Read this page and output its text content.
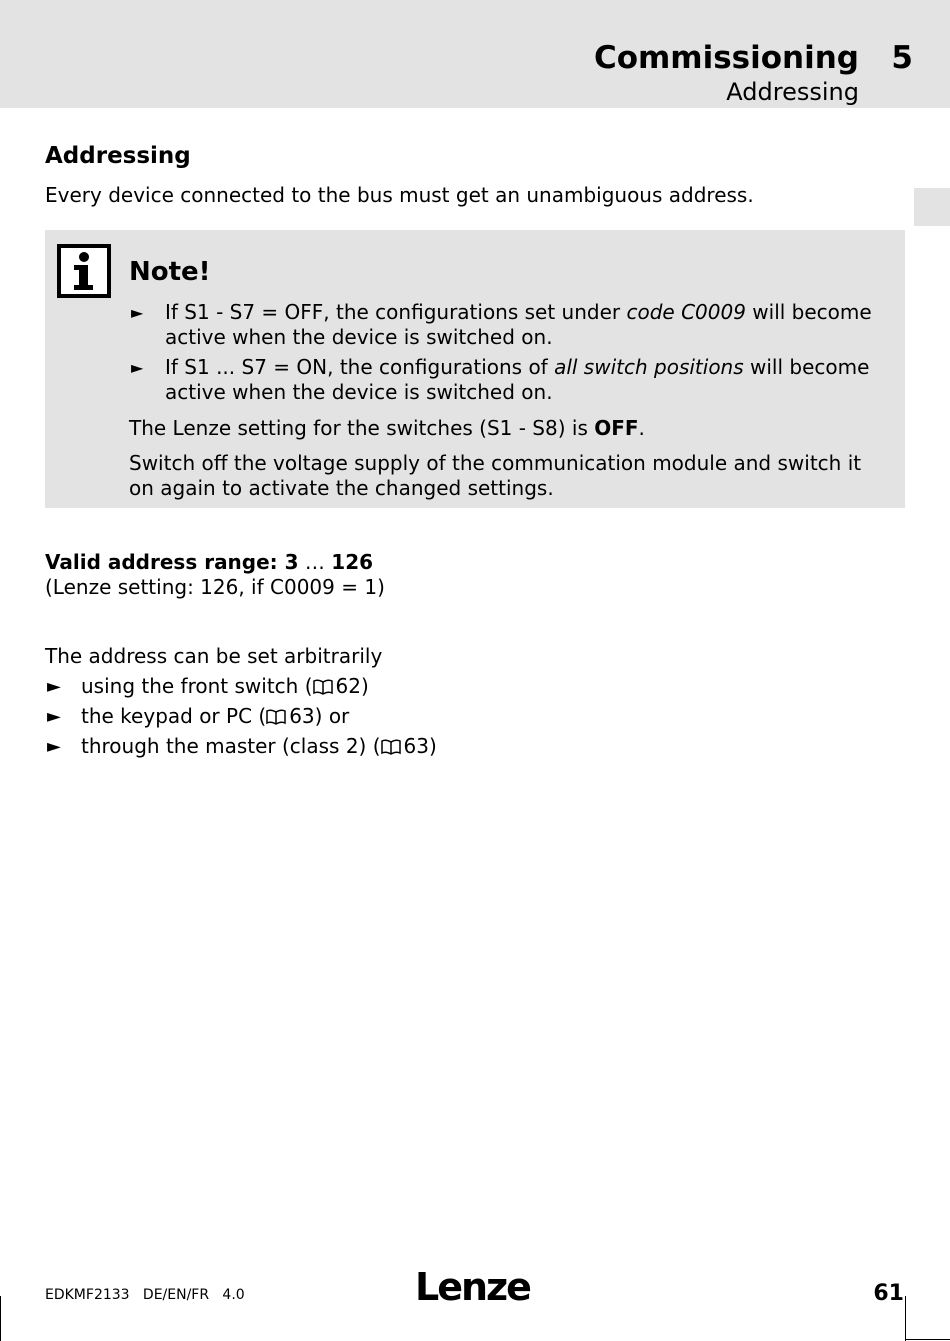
Commissioning 5
Addressing
Addressing
Every device connected to the bus must get an unambiguous address.
Note!
► If S1 - S7 = OFF, the configurations set under code C0009 will become active when the device is switched on.
► If S1 ... S7 = ON, the configurations of all switch positions will become active when the device is switched on.
The Lenze setting for the switches (S1 - S8) is OFF.
Switch off the voltage supply of the communication module and switch it on again to activate the changed settings.
Valid address range: 3 … 126
(Lenze setting: 126, if C0009 = 1)
The address can be set arbitrarily
► using the front switch ( 62)
► the keypad or PC ( 63) or
► through the master (class 2) ( 63)
EDKMF2133   DE/EN/FR   4.0	Lenze	61
